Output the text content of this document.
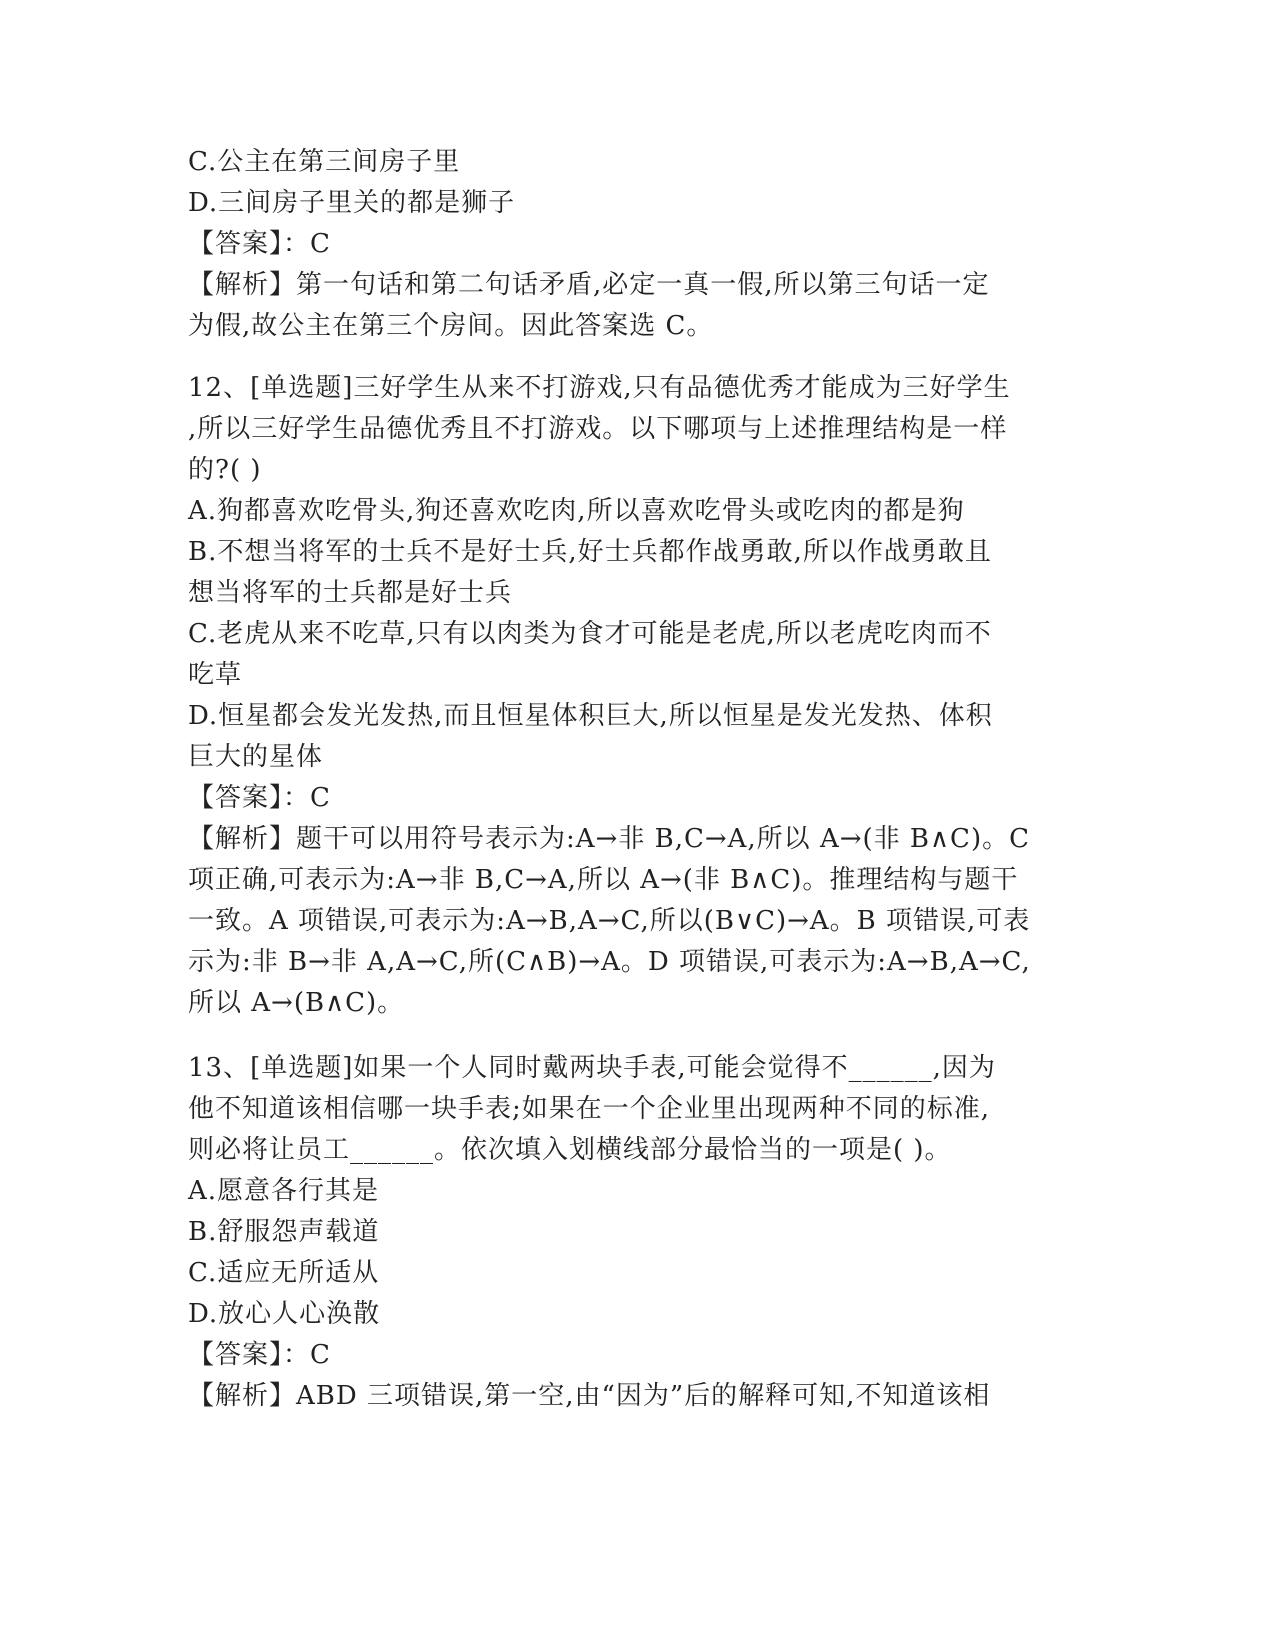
C.公主在第三间房子里
D.三间房子里关的都是狮子
【答案】：C
【解析】第一句话和第二句话矛盾,必定一真一假,所以第三句话一定
为假,故公主在第三个房间。因此答案选 C。
12、[单选题]三好学生从来不打游戏,只有品德优秀才能成为三好学生
,所以三好学生品德优秀且不打游戏。以下哪项与上述推理结构是一样
的?( )
A.狗都喜欢吃骨头,狗还喜欢吃肉,所以喜欢吃骨头或吃肉的都是狗
B.不想当将军的士兵不是好士兵,好士兵都作战勇敢,所以作战勇敢且
想当将军的士兵都是好士兵
C.老虎从来不吃草,只有以肉类为食才可能是老虎,所以老虎吃肉而不
吃草
D.恒星都会发光发热,而且恒星体积巨大,所以恒星是发光发热、体积
巨大的星体
【答案】：C
【解析】题干可以用符号表示为:A→非 B,C→A,所以 A→(非 B∧C)。C
项正确,可表示为:A→非 B,C→A,所以 A→(非 B∧C)。推理结构与题干
一致。A 项错误,可表示为:A→B,A→C,所以(B∨C)→A。B 项错误,可表
示为:非 B→非 A,A→C,所(C∧B)→A。D 项错误,可表示为:A→B,A→C,
所以 A→(B∧C)。
13、[单选题]如果一个人同时戴两块手表,可能会觉得不______,因为
他不知道该相信哪一块手表;如果在一个企业里出现两种不同的标准,
则必将让员工______。依次填入划横线部分最恰当的一项是( )。
A.愿意各行其是
B.舒服怨声载道
C.适应无所适从
D.放心人心涣散
【答案】：C
【解析】ABD 三项错误,第一空,由“因为”后的解释可知,不知道该相
